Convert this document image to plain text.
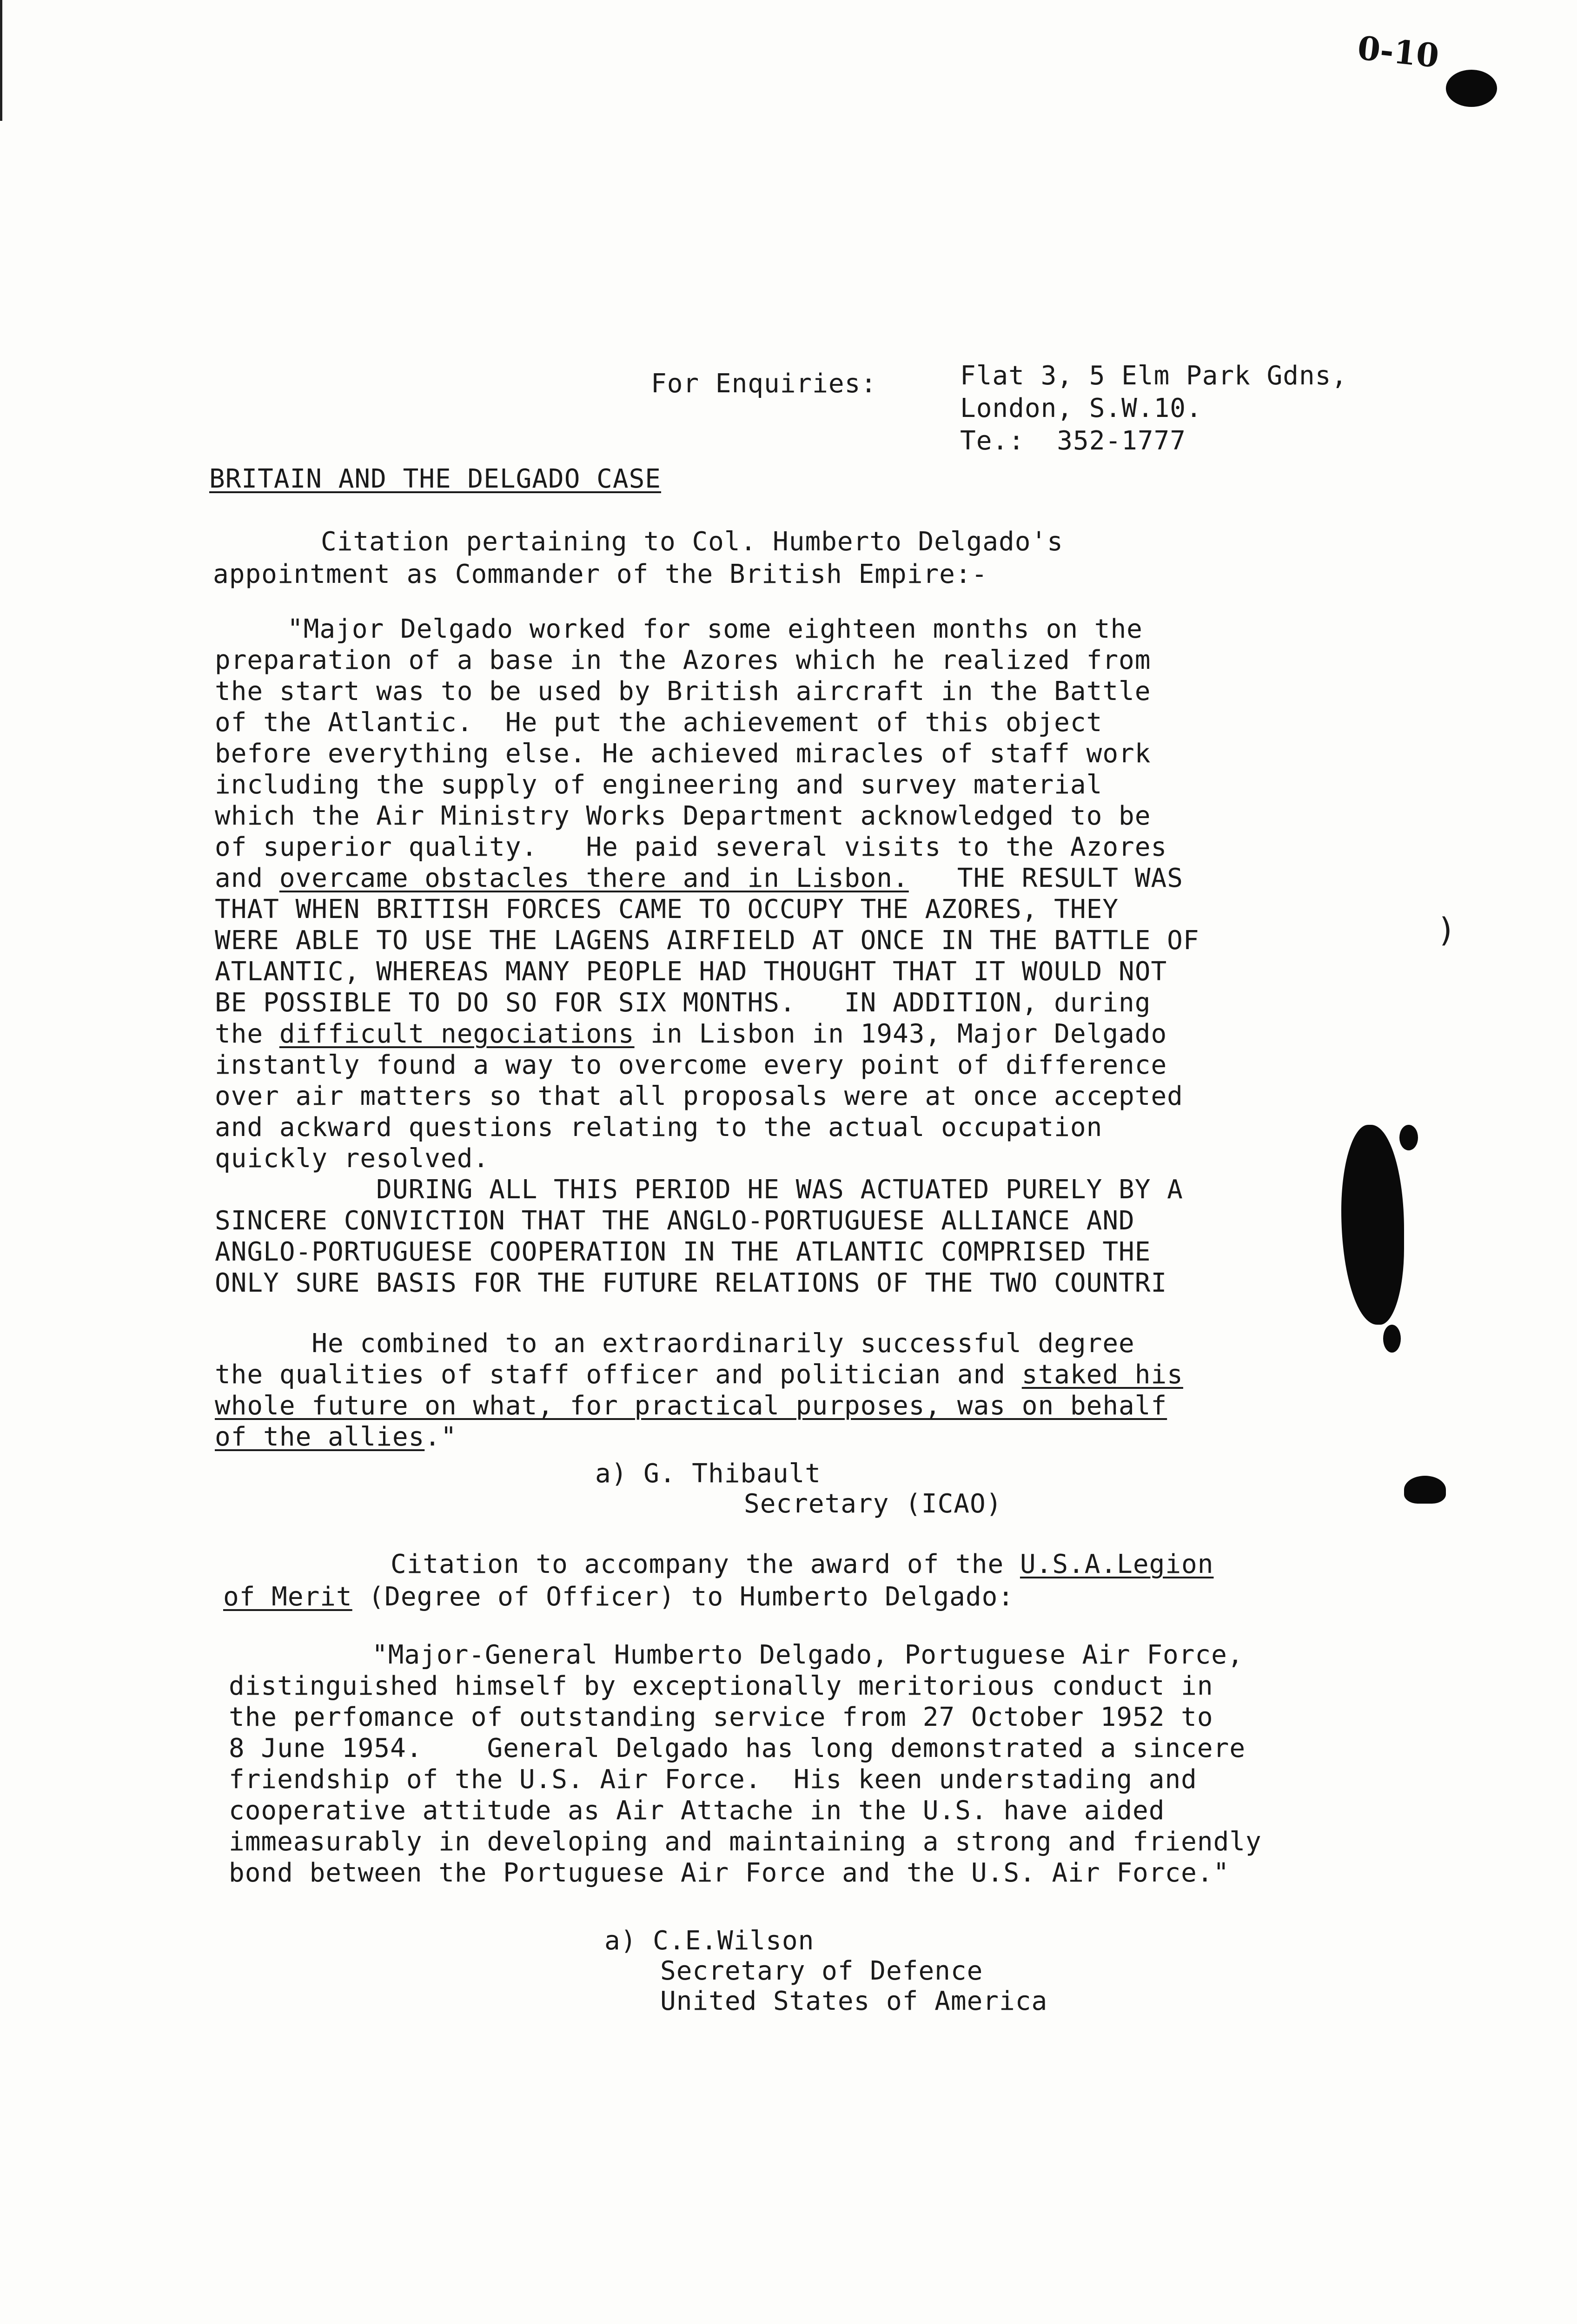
0-10
For Enquiries:	Flat 3, 5 Elm Park Gdns,
London, S.W.10.
Te.:  352-1777
BRITAIN AND THE DELGADO CASE
Citation pertaining to Col. Humberto Delgado's
appointment as Commander of the British Empire:-
"Major Delgado worked for some eighteen months on the
preparation of a base in the Azores which he realized from
the start was to be used by British aircraft in the Battle
of the Atlantic.  He put the achievement of this object
before everything else. He achieved miracles of staff work
including the supply of engineering and survey material
which the Air Ministry Works Department acknowledged to be
of superior quality.   He paid several visits to the Azores
and overcame obstacles there and in Lisbon.   THE RESULT WAS
THAT WHEN BRITISH FORCES CAME TO OCCUPY THE AZORES, THEY
WERE ABLE TO USE THE LAGENS AIRFIELD AT ONCE IN THE BATTLE OF
ATLANTIC, WHEREAS MANY PEOPLE HAD THOUGHT THAT IT WOULD NOT
BE POSSIBLE TO DO SO FOR SIX MONTHS.   IN ADDITION, during
the difficult negociations in Lisbon in 1943, Major Delgado
instantly found a way to overcome every point of difference
over air matters so that all proposals were at once accepted
and ackward questions relating to the actual occupation
quickly resolved.
DURING ALL THIS PERIOD HE WAS ACTUATED PURELY BY A
SINCERE CONVICTION THAT THE ANGLO-PORTUGUESE ALLIANCE AND
ANGLO-PORTUGUESE COOPERATION IN THE ATLANTIC COMPRISED THE
ONLY SURE BASIS FOR THE FUTURE RELATIONS OF THE TWO COUNTRI
He combined to an extraordinarily successful degree
the qualities of staff officer and politician and staked his
whole future on what, for practical purposes, was on behalf
of the allies."
a) G. Thibault
Secretary (ICAO)
Citation to accompany the award of the U.S.A.Legion
of Merit (Degree of Officer) to Humberto Delgado:
"Major-General Humberto Delgado, Portuguese Air Force,
distinguished himself by exceptionally meritorious conduct in
the perfomance of outstanding service from 27 October 1952 to
8 June 1954.    General Delgado has long demonstrated a sincere
friendship of the U.S. Air Force.  His keen understading and
cooperative attitude as Air Attache in the U.S. have aided
immeasurably in developing and maintaining a strong and friendly
bond between the Portuguese Air Force and the U.S. Air Force."
a) C.E.Wilson
Secretary of Defence
United States of America
)
